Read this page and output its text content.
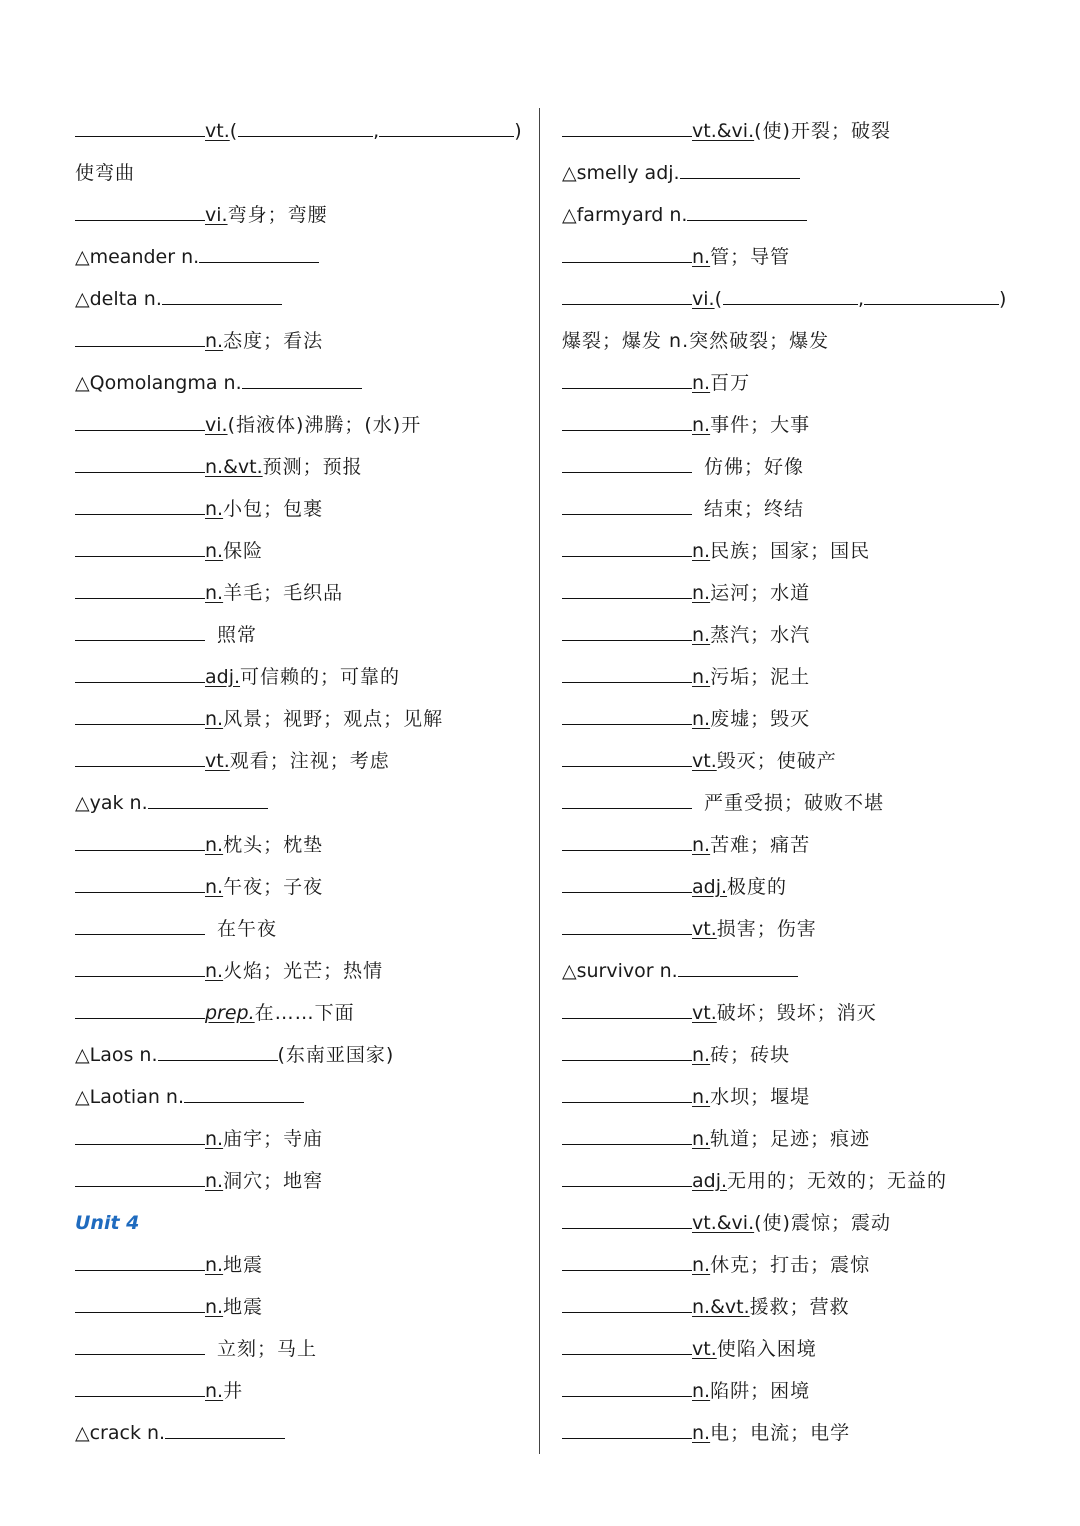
vt. (	,	)
使弯曲
vi. 弯身；弯腰
△meander n.
△delta n.
n. 态度；看法
△Qomolangma n.
vi. (指液体)沸腾；(水)开
n.&vt. 预测；预报
n. 小包；包裹
n. 保险
n. 羊毛；毛织品
照常
adj. 可信赖的；可靠的
n. 风景；视野；观点；见解
vt. 观看；注视；考虑
△yak n.
n. 枕头；枕垫
n. 午夜；子夜
在午夜
n. 火焰；光芒；热情
prep. 在……下面
△Laos n.	(东南亚国家)
△Laotian n.
n. 庙宇；寺庙
n. 洞穴；地窖
Unit 4
n. 地震
n. 地震
立刻；马上
n. 井
△crack n.
vt.&vi. (使)开裂；破裂
△smelly adj.
△farmyard n.
n. 管；导管
vi. (	,	)
爆裂；爆发 n.突然破裂；爆发
n. 百万
n. 事件；大事
仿佛；好像
结束；终结
n. 民族；国家；国民
n. 运河；水道
n. 蒸汽；水汽
n. 污垢；泥土
n. 废墟；毁灭
vt. 毁灭；使破产
严重受损；破败不堪
n. 苦难；痛苦
adj. 极度的
vt. 损害；伤害
△survivor n.
vt. 破坏；毁坏；消灭
n. 砖；砖块
n. 水坝；堰堤
n. 轨道；足迹；痕迹
adj. 无用的；无效的；无益的
vt.&vi. (使)震惊；震动
n. 休克；打击；震惊
n.&vt. 援救；营救
vt. 使陷入困境
n. 陷阱；困境
n. 电；电流；电学
